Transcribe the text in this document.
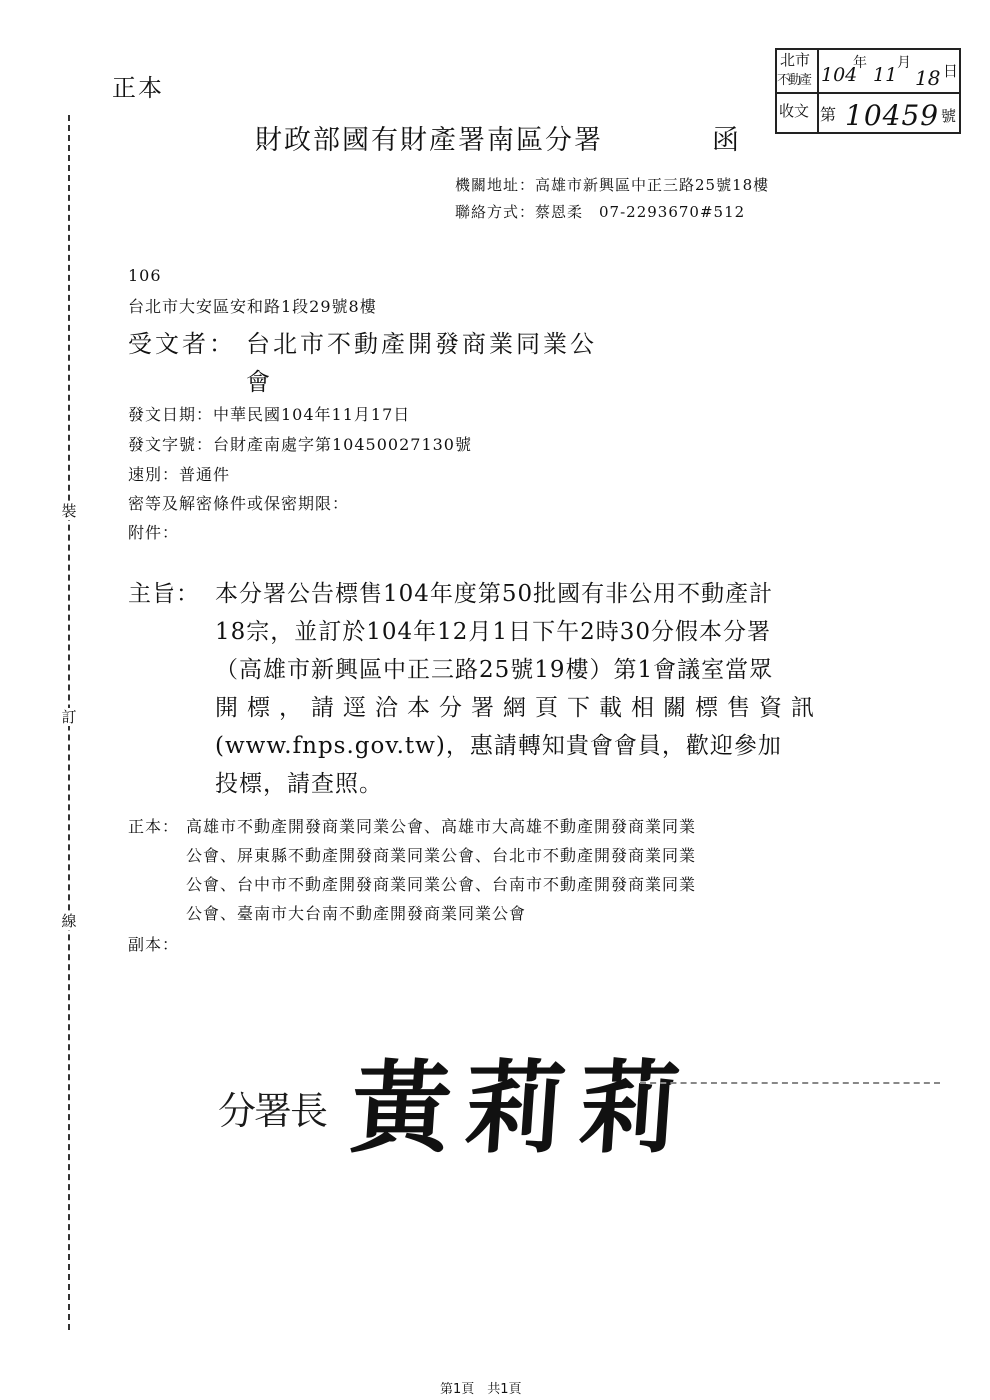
正本
北市
不動產
收文
104
年
11
月
18 日
第 10459 號
財政部國有財產署南區分署	函
機關地址：高雄市新興區中正三路25號18樓
聯絡方式：蔡恩柔　07-2293670#512
裝
訂
線
106
台北市大安區安和路1段29號8樓
受文者： 台北市不動產開發商業同業公
會
發文日期：中華民國104年11月17日
發文字號：台財產南處字第10450027130號
速別：普通件
密等及解密條件或保密期限：
附件：
主旨： 本分署公告標售104年度第50批國有非公用不動產計
18宗，並訂於104年12月1日下午2時30分假本分署
（高雄市新興區中正三路25號19樓）第1會議室當眾
開標，請逕洽本分署網頁下載相關標售資訊
(www.fnps.gov.tw)，惠請轉知貴會會員，歡迎參加
投標，請查照。
正本： 高雄市不動產開發商業同業公會、高雄市大高雄不動產開發商業同業
公會、屏東縣不動產開發商業同業公會、台北市不動產開發商業同業
公會、台中市不動產開發商業同業公會、台南市不動產開發商業同業
公會、臺南市大台南不動產開發商業同業公會
副本：
分署長 黃莉莉
第1頁　共1頁
